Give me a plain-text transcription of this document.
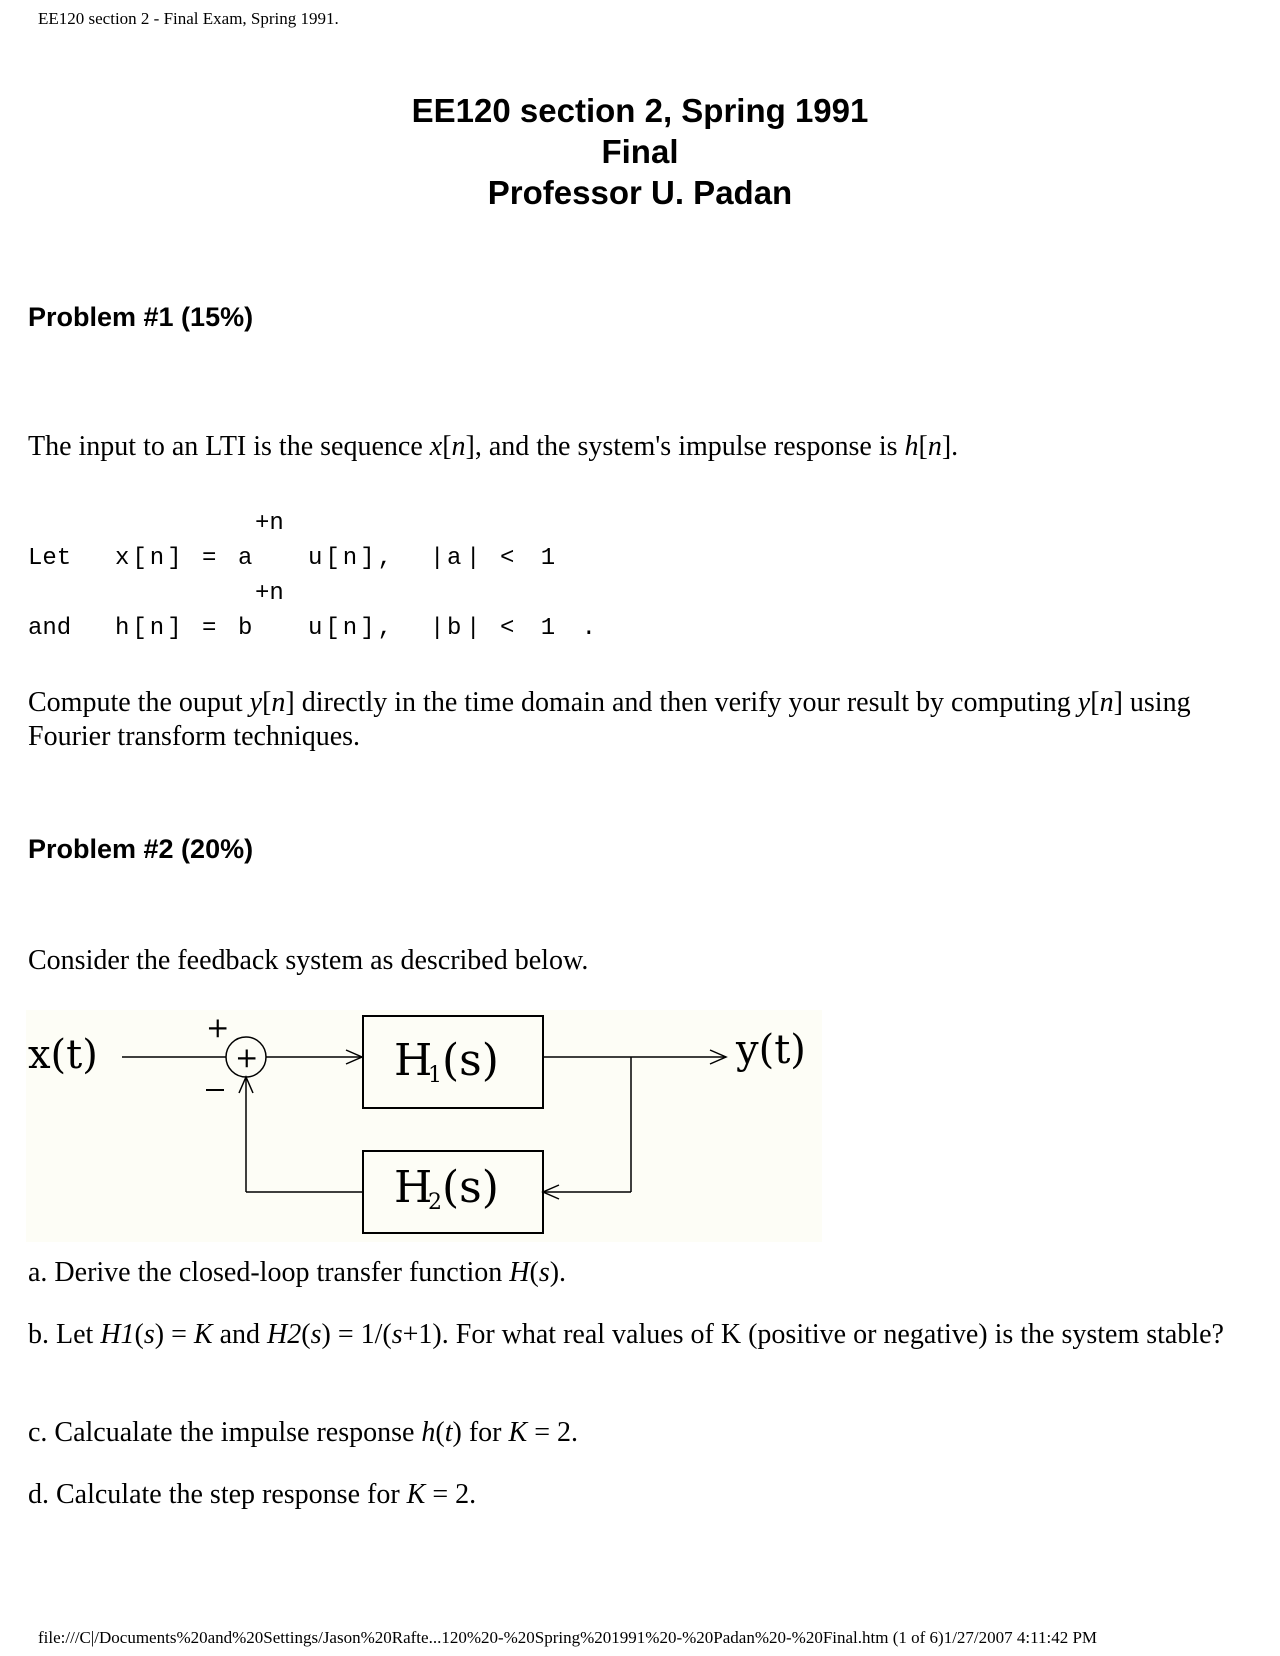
EE120 section 2 - Final Exam, Spring 1991.
EE120 section 2, Spring 1991
Final
Professor U. Padan
Problem #1 (15%)
The input to an LTI is the sequence x[n], and the system's impulse response is h[n].
+n
Let x[n] = a u[n], | a | < 1
+n
and h[n] = b u[n], | b | < 1 .
Compute the ouput y[n] directly in the time domain and then verify your result by computing y[n] using Fourier transform techniques.
Problem #2 (20%)
Consider the feedback system as described below.
x(t)	+
+
H
1 (s)	y(t)
H
2 (s)
a. Derive the closed-loop transfer function H(s).
b. Let H1(s) = K and H2(s) = 1/(s+1). For what real values of K (positive or negative) is the system stable?
c. Calcualate the impulse response h(t) for K = 2.
d. Calculate the step response for K = 2.
file:///C|/Documents%20and%20Settings/Jason%20Rafte...120%20-%20Spring%201991%20-%20Padan%20-%20Final.htm (1 of 6)1/27/2007 4:11:42 PM
